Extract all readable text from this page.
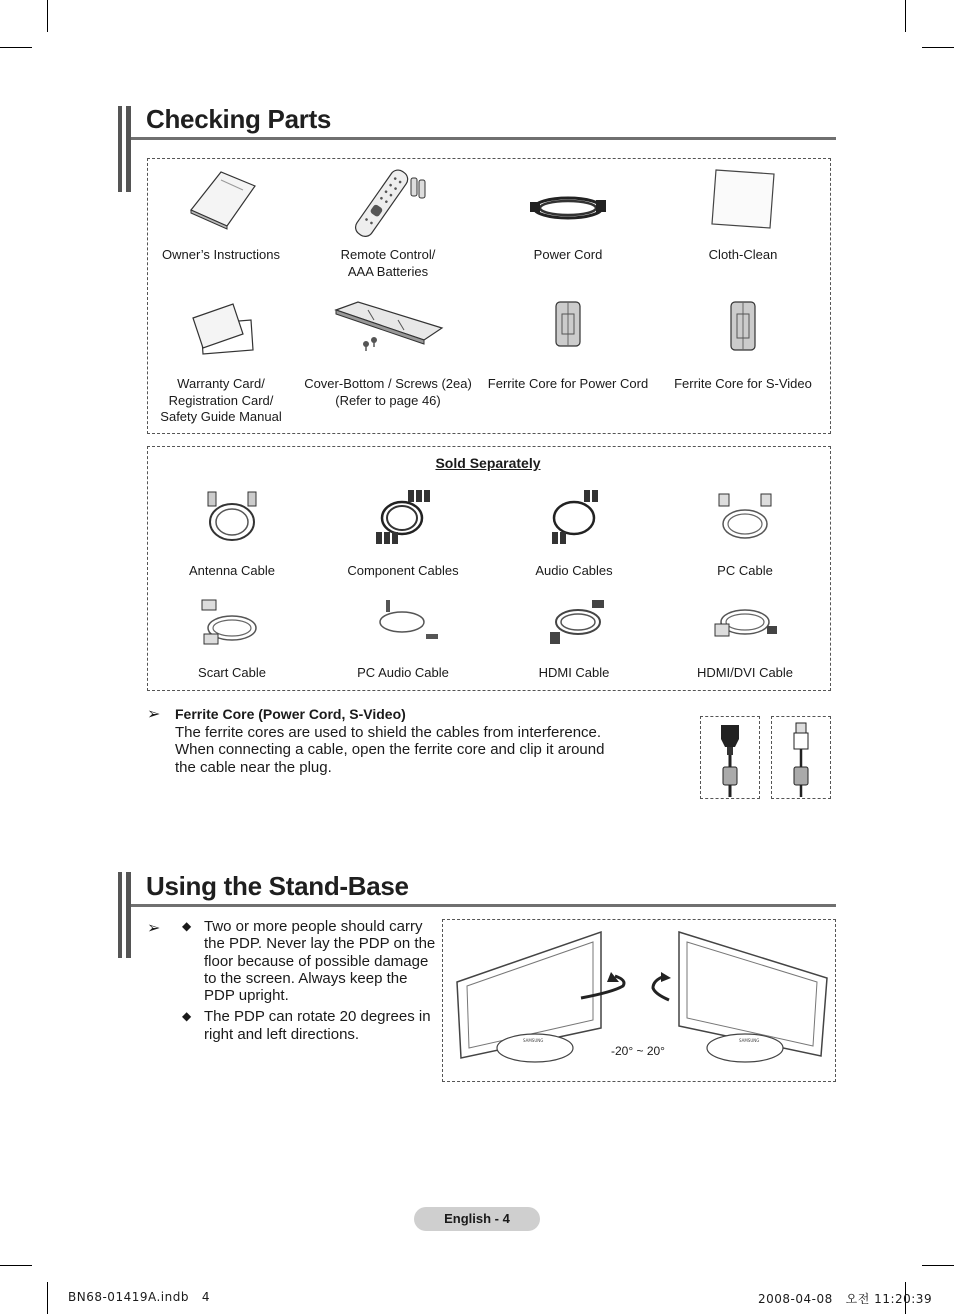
Checking Parts
Owner’s Instructions	Remote Control/
AAA Batteries
Power Cord	Cloth-Clean
Warranty Card/
Registration Card/
Safety Guide Manual
Cover-Bottom / Screws (2ea)
(Refer to page 46)
Ferrite Core for Power Cord	Ferrite Core for S-Video
Sold Separately
Antenna Cable	Component Cables	Audio Cables	PC Cable
Scart Cable	PC Audio Cable	HDMI Cable	HDMI/DVI Cable
➢ Ferrite Core (Power Cord, S-Video)
The ferrite cores are used to shield the cables from interference.
When connecting a cable, open the ferrite core and clip it around
the cable near the plug.
Using the Stand-Base
➢ ◆ Two or more people should carry the PDP. Never lay the PDP on the floor because of possible damage to the screen. Always keep the PDP upright.
◆ The PDP can rotate 20 degrees in right and left directions.	SAMSUNG	SAMSUNG
-20° ~ 20°
English - 4
BN68-01419A.indb   4	2008-04-08   오전 11:20:39
